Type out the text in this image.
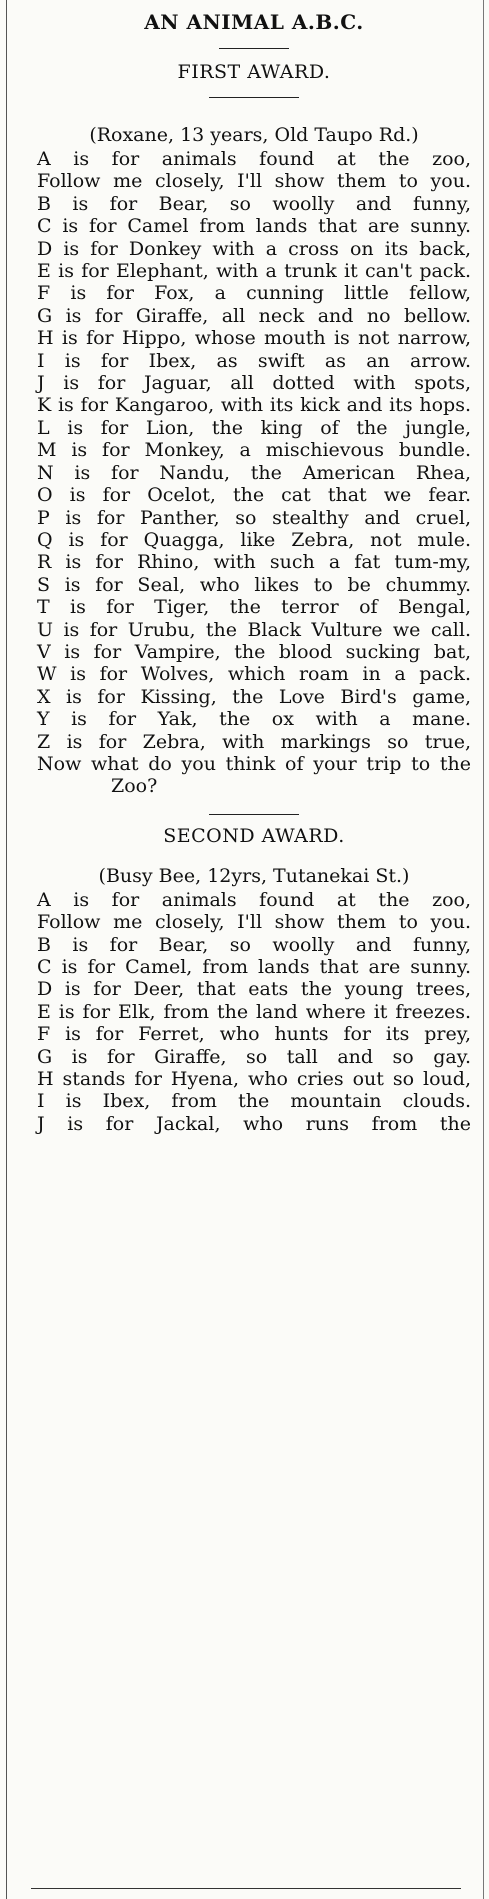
AN ANIMAL A.B.C.
FIRST AWARD.
(Roxane, 13 years, Old Taupo Rd.)
A is for animals found at the zoo,
Follow me closely, I'll show them to you.
B is for Bear, so woolly and funny,
C is for Camel from lands that are sunny.
D is for Donkey with a cross on its back,
E is for Elephant, with a trunk it can't pack.
F is for Fox, a cunning little fellow,
G is for Giraffe, all neck and no bellow.
H is for Hippo, whose mouth is not narrow,
I is for Ibex, as swift as an arrow.
J is for Jaguar, all dotted with spots,
K is for Kangaroo, with its kick and its hops.
L is for Lion, the king of the jungle,
M is for Monkey, a mischievous bundle.
N is for Nandu, the American Rhea,
O is for Ocelot, the cat that we fear.
P is for Panther, so stealthy and cruel,
Q is for Quagga, like Zebra, not mule.
R is for Rhino, with such a fat tum-my,
S is for Seal, who likes to be chummy.
T is for Tiger, the terror of Bengal,
U is for Urubu, the Black Vulture we call.
V is for Vampire, the blood sucking bat,
W is for Wolves, which roam in a pack.
X is for Kissing, the Love Bird's game,
Y is for Yak, the ox with a mane.
Z is for Zebra, with markings so true,
Now what do you think of your trip to the Zoo?
SECOND AWARD.
(Busy Bee, 12yrs, Tutanekai St.)
A is for animals found at the zoo,
Follow me closely, I'll show them to you.
B is for Bear, so woolly and funny,
C is for Camel, from lands that are sunny.
D is for Deer, that eats the young trees,
E is for Elk, from the land where it freezes.
F is for Ferret, who hunts for its prey,
G is for Giraffe, so tall and so gay.
H stands for Hyena, who cries out so loud,
I is Ibex, from the mountain clouds.
J is for Jackal, who runs from the
